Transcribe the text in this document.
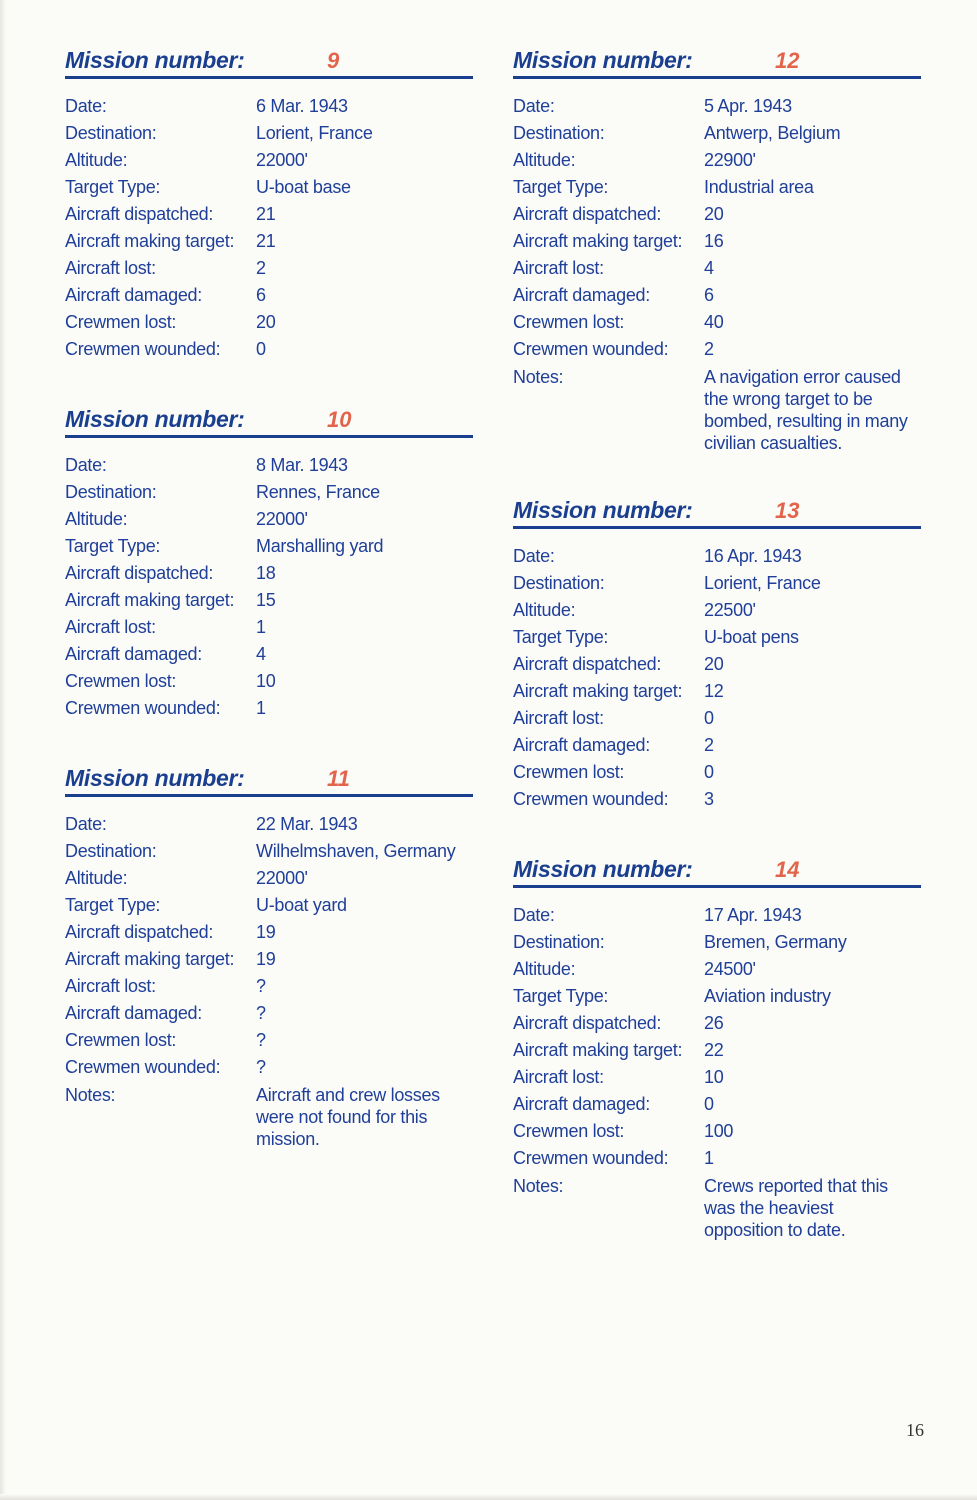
Mission number:	9
Date:	6 Mar. 1943
Destination:	Lorient, France
Altitude:	22000'
Target Type:	U-boat base
Aircraft dispatched:	21
Aircraft making target:	21
Aircraft lost:	2
Aircraft damaged:	6
Crewmen lost:	20
Crewmen wounded:	0
Mission number:	10
Date:	8 Mar. 1943
Destination:	Rennes, France
Altitude:	22000'
Target Type:	Marshalling yard
Aircraft dispatched:	18
Aircraft making target:	15
Aircraft lost:	1
Aircraft damaged:	4
Crewmen lost:	10
Crewmen wounded:	1
Mission number:	11
Date:	22 Mar. 1943
Destination:	Wilhelmshaven, Germany
Altitude:	22000'
Target Type:	U-boat yard
Aircraft dispatched:	19
Aircraft making target:	19
Aircraft lost:	?
Aircraft damaged:	?
Crewmen lost:	?
Crewmen wounded:	?
Notes:	Aircraft and crew losses were not found for this mission.
Mission number:	12
Date:	5 Apr. 1943
Destination:	Antwerp, Belgium
Altitude:	22900'
Target Type:	Industrial area
Aircraft dispatched:	20
Aircraft making target:	16
Aircraft lost:	4
Aircraft damaged:	6
Crewmen lost:	40
Crewmen wounded:	2
Notes:	A navigation error caused the wrong target to be bombed, resulting in many civilian casualties.
Mission number:	13
Date:	16 Apr. 1943
Destination:	Lorient, France
Altitude:	22500'
Target Type:	U-boat pens
Aircraft dispatched:	20
Aircraft making target:	12
Aircraft lost:	0
Aircraft damaged:	2
Crewmen lost:	0
Crewmen wounded:	3
Mission number:	14
Date:	17 Apr. 1943
Destination:	Bremen, Germany
Altitude:	24500'
Target Type:	Aviation industry
Aircraft dispatched:	26
Aircraft making target:	22
Aircraft lost:	10
Aircraft damaged:	0
Crewmen lost:	100
Crewmen wounded:	1
Notes:	Crews reported that this was the heaviest opposition to date.
16
